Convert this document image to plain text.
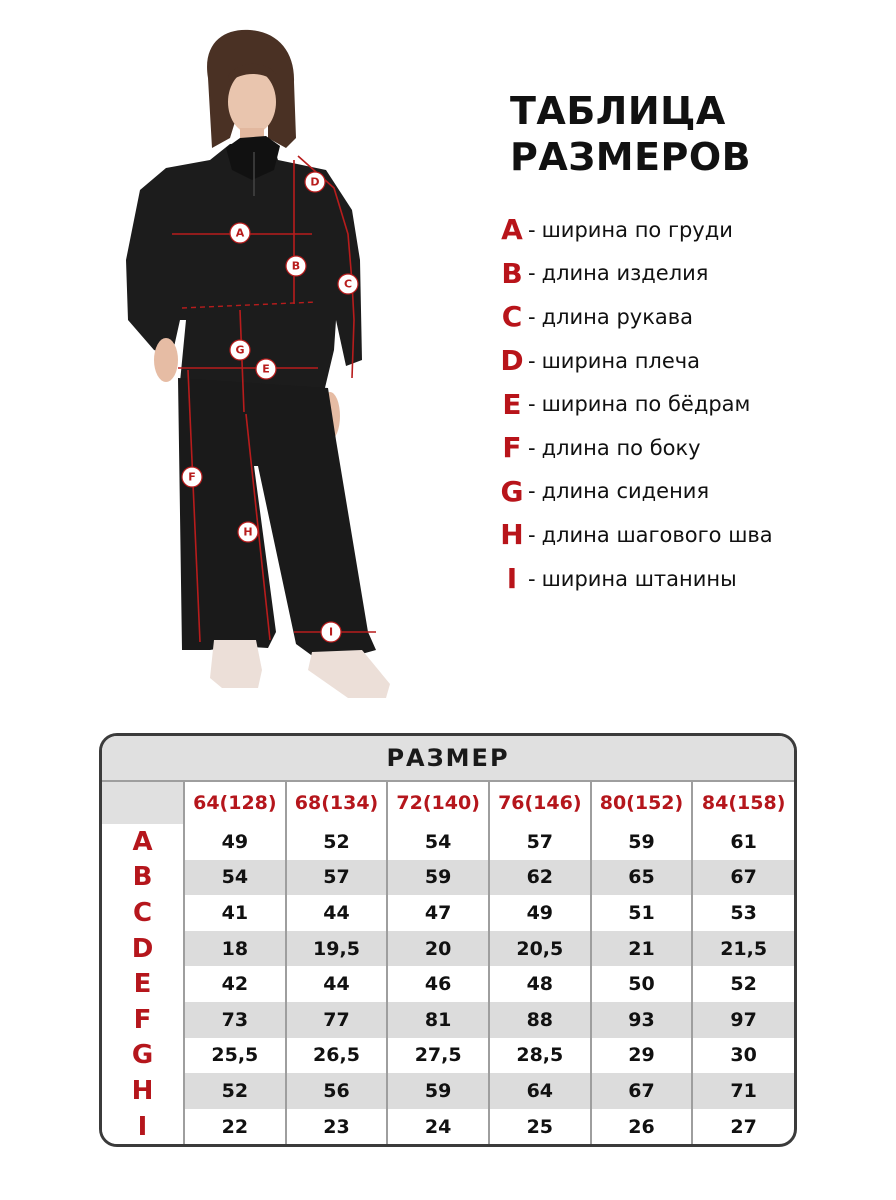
A
B
C
D
E
F
G
H
I
ТАБЛИЦА
РАЗМЕРОВ
A - ширина по груди
B - длина изделия
C - длина рукава
D - ширина плеча
E - ширина по бёдрам
F - длина по боку
G - длина сидения
H - длина шагового шва
I - ширина штанины
РАЗМЕР
	64(128)	68(134)	72(140)	76(146)	80(152)	84(158)
A	49	52	54	57	59	61
B	54	57	59	62	65	67
C	41	44	47	49	51	53
D	18	19,5	20	20,5	21	21,5
E	42	44	46	48	50	52
F	73	77	81	88	93	97
G	25,5	26,5	27,5	28,5	29	30
H	52	56	59	64	67	71
I	22	23	24	25	26	27
